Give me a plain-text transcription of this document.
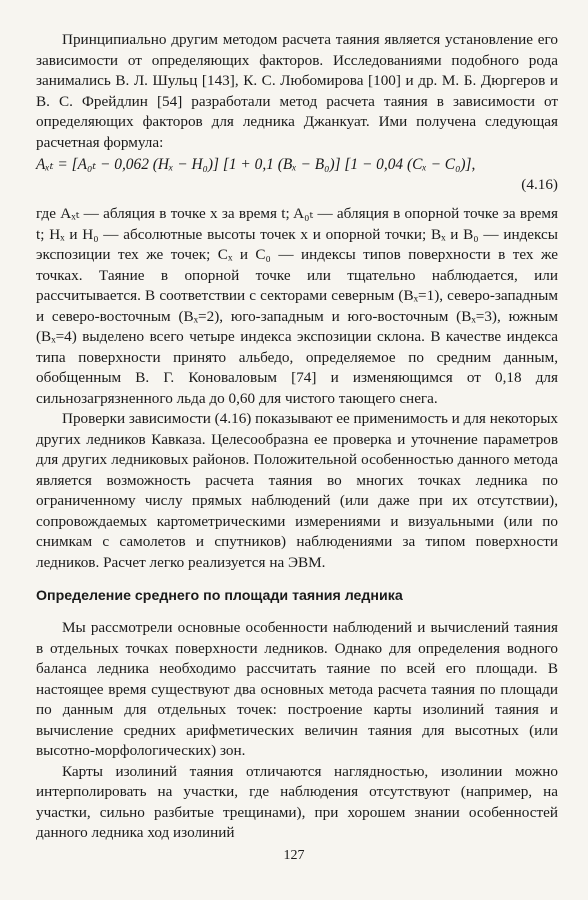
Принципиально другим методом расчета таяния является установление его зависимости от определяющих факторов. Исследованиями подобного рода занимались В. Л. Шульц [143], К. С. Любомирова [100] и др. М. Б. Дюргеров и В. С. Фрейдлин [54] разработали метод расчета таяния в зависимости от определяющих факторов для ледника Джанкуат. Ими получена следующая расчетная формула:

Aₓₜ = [A₀ₜ − 0,062 (Hₓ − H₀)] [1 + 0,1 (Bₓ − B₀)] [1 − 0,04 (Cₓ − C₀)],
(4.16)

где Aₓₜ — абляция в точке x за время t; A₀ₜ — абляция в опорной точке за время t; Hₓ и H₀ — абсолютные высоты точек x и опорной точки; Bₓ и B₀ — индексы экспозиции тех же точек; Cₓ и C₀ — индексы типов поверхности в тех же точках. Таяние в опорной точке или тщательно наблюдается, или рассчитывается. В соответствии с секторами северным (Bₓ=1), северо-западным и северо-восточным (Bₓ=2), юго-западным и юго-восточным (Bₓ=3), южным (Bₓ=4) выделено всего четыре индекса экспозиции склона. В качестве индекса типа поверхности принято альбедо, определяемое по средним данным, обобщенным В. Г. Коноваловым [74] и изменяющимся от 0,18 для сильнозагрязненного льда до 0,60 для чистого тающего снега.

Проверки зависимости (4.16) показывают ее применимость и для некоторых других ледников Кавказа. Целесообразна ее проверка и уточнение параметров для других ледниковых районов. Положительной особенностью данного метода является возможность расчета таяния во многих точках ледника по ограниченному числу прямых наблюдений (или даже при их отсутствии), сопровождаемых картометрическими измерениями и визуальными (или по снимкам с самолетов и спутников) наблюдениями за типом поверхности ледников. Расчет легко реализуется на ЭВМ.

Определение среднего по площади таяния ледника

Мы рассмотрели основные особенности наблюдений и вычислений таяния в отдельных точках поверхности ледников. Однако для определения водного баланса ледника необходимо рассчитать таяние по всей его площади. В настоящее время существуют два основных метода расчета таяния по площади по данным для отдельных точек: построение карты изолиний таяния и вычисление средних арифметических величин таяния для высотных (или высотно-морфологических) зон.

Карты изолиний таяния отличаются наглядностью, изолинии можно интерполировать на участки, где наблюдения отсутствуют (например, на участки, сильно разбитые трещинами), при хорошем знании особенностей данного ледника ход изолиний

127
